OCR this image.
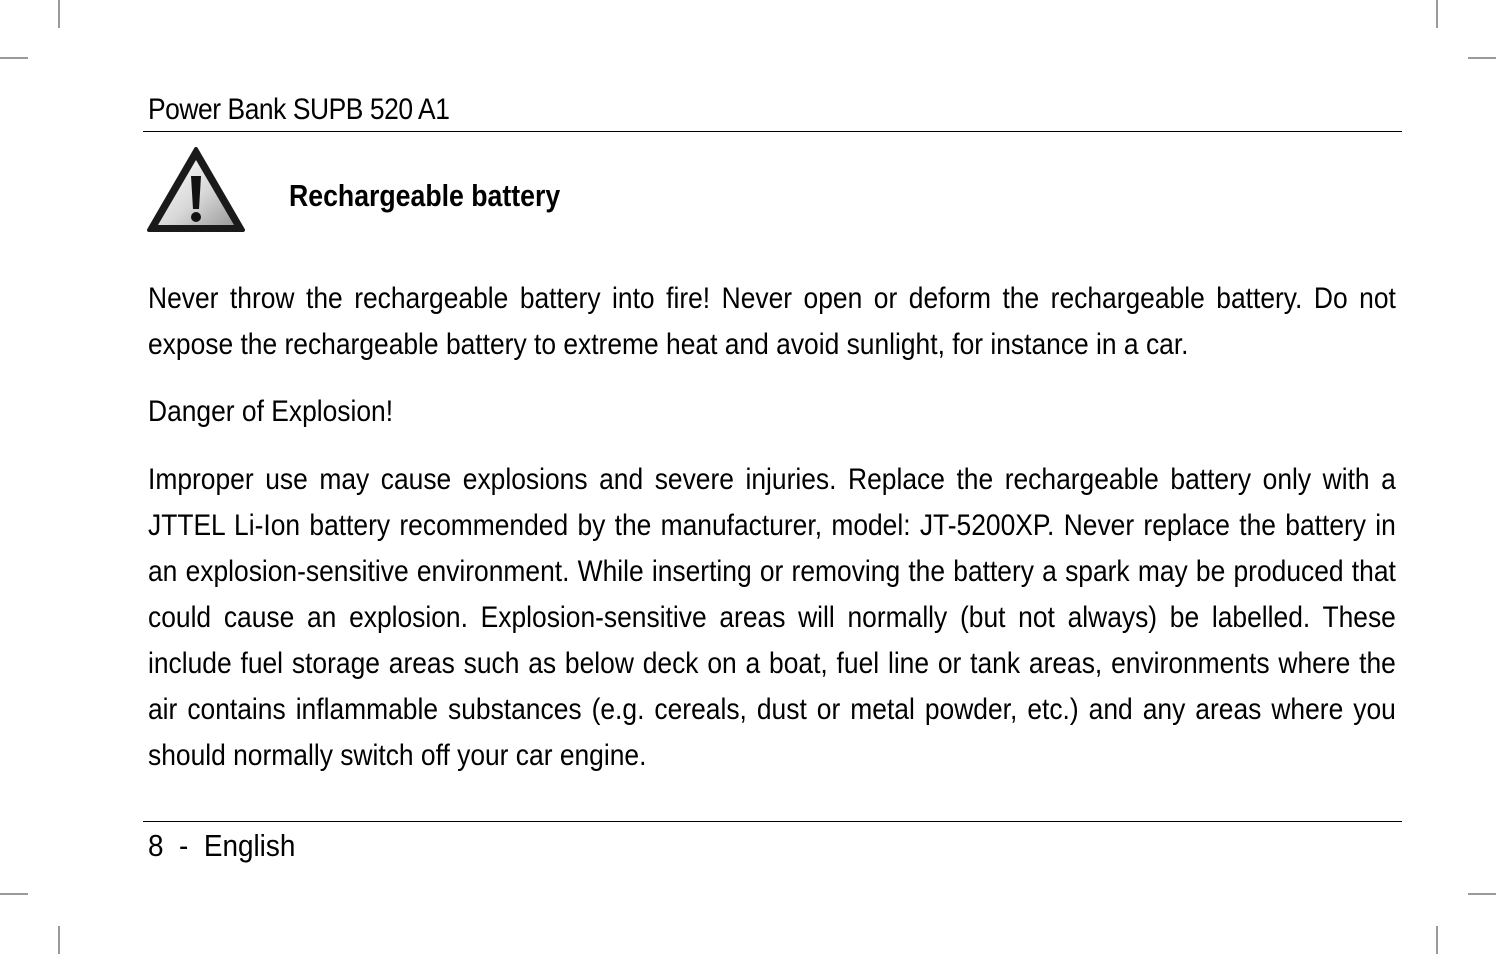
Power Bank SUPB 520 A1
Rechargeable battery

Never throw the rechargeable battery into fire! Never open or deform the rechargeable battery. Do not expose the rechargeable battery to extreme heat and avoid sunlight, for instance in a car.

Danger of Explosion!

Improper use may cause explosions and severe injuries. Replace the rechargeable battery only with a JTTEL Li-Ion battery recommended by the manufacturer, model: JT-5200XP. Never replace the battery in an explosion-sensitive environment. While inserting or removing the battery a spark may be produced that could cause an explosion. Explosion-sensitive areas will normally (but not always) be labelled. These include fuel storage areas such as below deck on a boat, fuel line or tank areas, environments where the air contains inflammable substances (e.g. cereals, dust or metal powder, etc.) and any areas where you should normally switch off your car engine.

8 - English
